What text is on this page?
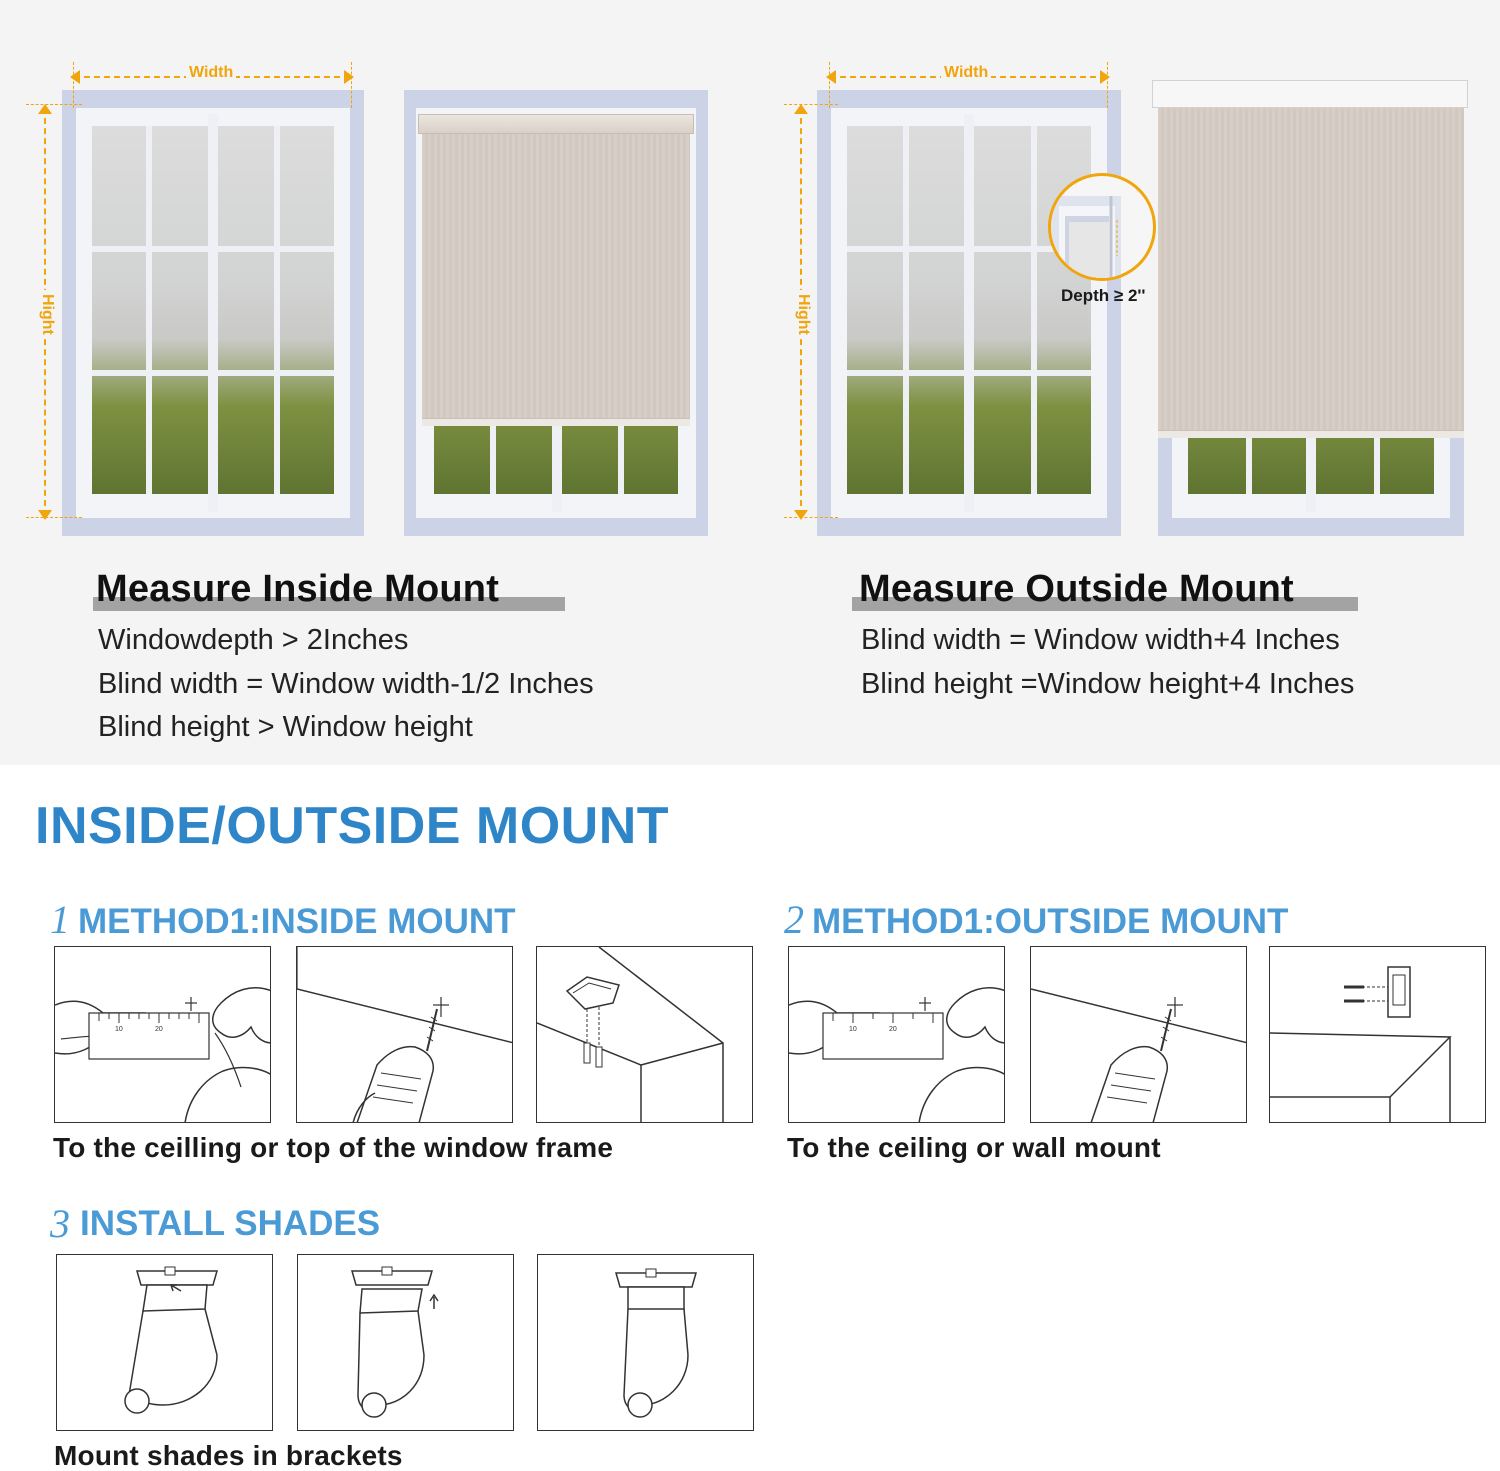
Width
Hight
Width
Hight	Depth ≥ 2''
Measure Inside Mount
Windowdepth > 2Inches
Blind width = Window width-1/2 Inches
Blind height > Window height
Measure Outside Mount
Blind width = Window width+4 Inches
Blind height =Window height+4 Inches
INSIDE/OUTSIDE MOUNT
1 METHOD1:INSIDE MOUNT	2 METHOD1:OUTSIDE MOUNT
10	20
To the ceilling or top of the window frame
10	20
To the ceiling or wall mount
3 INSTALL SHADES
Mount shades in brackets
